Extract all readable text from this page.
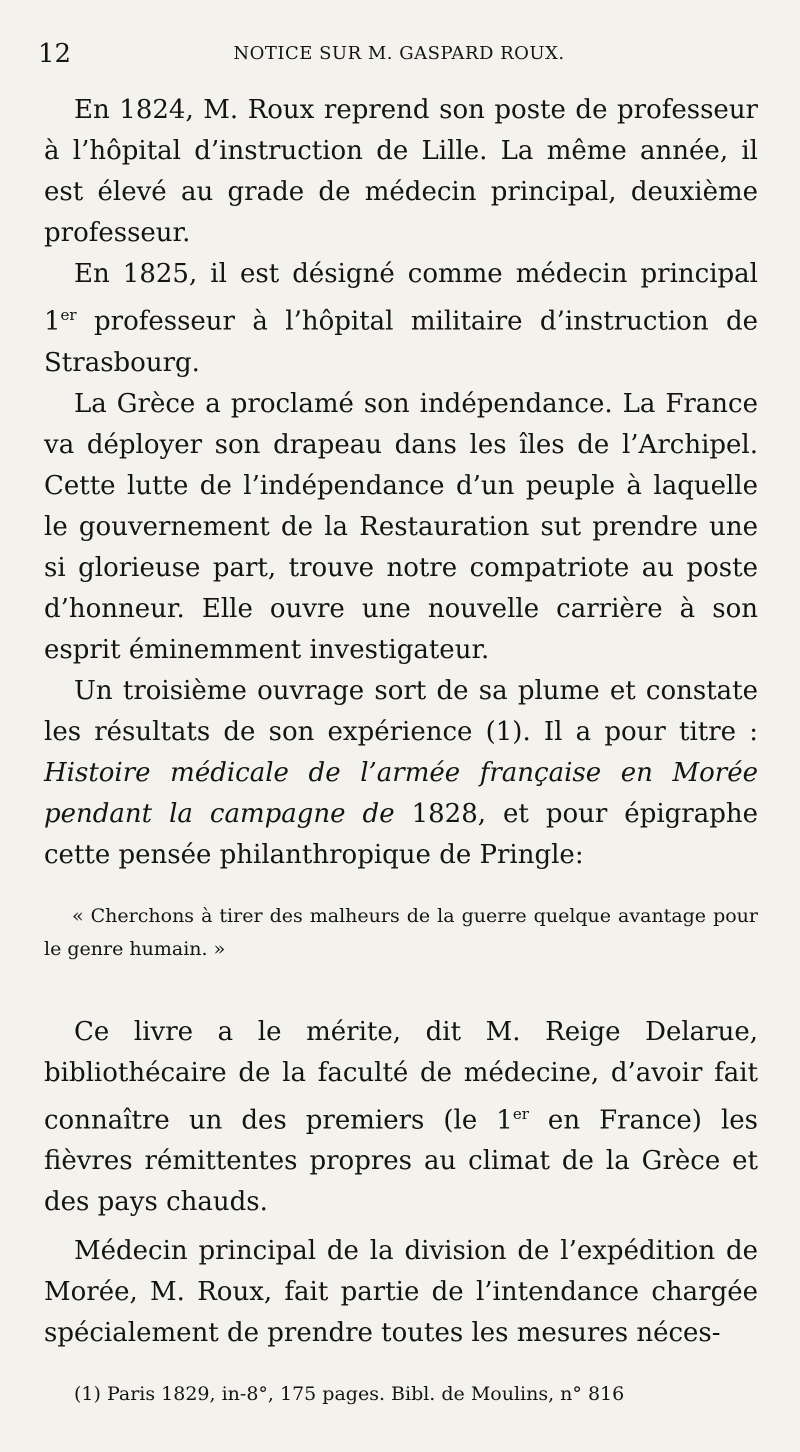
12	NOTICE SUR M. GASPARD ROUX.

En 1824, M. Roux reprend son poste de professeur à l’hôpital d’instruction de Lille. La même année, il est élevé au grade de médecin principal, deuxième professeur.

En 1825, il est désigné comme médecin principal 1er professeur à l’hôpital militaire d’instruction de Strasbourg.

La Grèce a proclamé son indépendance. La France va déployer son drapeau dans les îles de l’Archipel. Cette lutte de l’indépendance d’un peuple à laquelle le gouvernement de la Restauration sut prendre une si glorieuse part, trouve notre compatriote au poste d’honneur. Elle ouvre une nouvelle carrière à son esprit éminemment investigateur.

Un troisième ouvrage sort de sa plume et constate les résultats de son expérience (1). Il a pour titre : Histoire médicale de l’armée française en Morée pendant la campagne de 1828, et pour épigraphe cette pensée philanthropique de Pringle:

« Cherchons à tirer des malheurs de la guerre quelque avantage pour le genre humain. »

Ce livre a le mérite, dit M. Reige Delarue, bibliothécaire de la faculté de médecine, d’avoir fait connaître un des premiers (le 1er en France) les fièvres rémittentes propres au climat de la Grèce et des pays chauds.

Médecin principal de la division de l’expédition de Morée, M. Roux, fait partie de l’intendance chargée spécialement de prendre toutes les mesures néces-

(1) Paris 1829, in-8°, 175 pages. Bibl. de Moulins, n° 816
